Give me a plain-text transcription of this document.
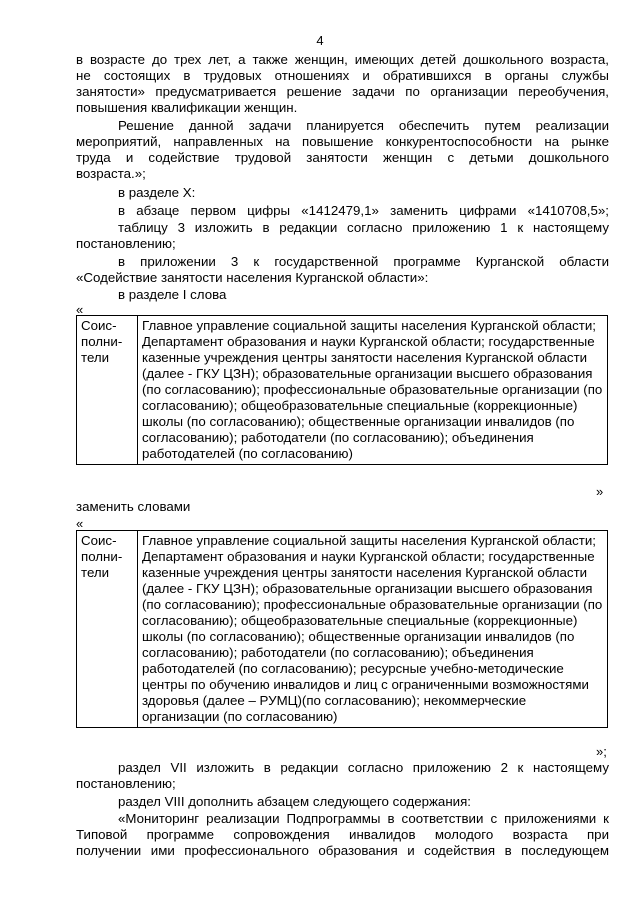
4
в возрасте до трех лет, а также женщин, имеющих детей дошкольного возраста,
не состоящих в трудовых отношениях и обратившихся в органы службы
занятости» предусматривается решение задачи по организации переобучения,
повышения квалификации женщин.
Решение данной задачи планируется обеспечить путем реализации
мероприятий, направленных на повышение конкурентоспособности на рынке
труда и содействие трудовой занятости женщин с детьми дошкольного
возраста.»;
в разделе X:
в абзаце первом цифры «1412479,1» заменить цифрами «1410708,5»;
таблицу 3 изложить в редакции согласно приложению 1 к настоящему
постановлению;
в приложении 3 к государственной программе Курганской области
«Содействие занятости населения Курганской области»:
в разделе I слова
«
Соис-
полни-
тели	Главное управление социальной защиты населения Курганской области; Департамент образования и науки Курганской области; государственные казенные учреждения центры занятости населения Курганской области (далее - ГКУ ЦЗН); образовательные организации высшего образования (по согласованию); профессиональные образовательные организации (по согласованию); общеобразовательные специальные (коррекционные) школы (по согласованию); общественные организации инвалидов (по согласованию); работодатели (по согласованию); объединения работодателей (по согласованию)
»
заменить словами
«
Соис-
полни-
тели	Главное управление социальной защиты населения Курганской области; Департамент образования и науки Курганской области; государственные казенные учреждения центры занятости населения Курганской области (далее - ГКУ ЦЗН); образовательные организации высшего образования (по согласованию); профессиональные образовательные организации (по согласованию); общеобразовательные специальные (коррекционные) школы (по согласованию); общественные организации инвалидов (по согласованию); работодатели (по согласованию); объединения работодателей (по согласованию); ресурсные учебно-методические центры по обучению инвалидов и лиц с ограниченными возможностями здоровья (далее – РУМЦ)(по согласованию); некоммерческие организации (по согласованию)
»;
раздел VII изложить в редакции согласно приложению 2 к настоящему
постановлению;
раздел VIII дополнить абзацем следующего содержания:
«Мониторинг реализации Подпрограммы в соответствии с приложениями к
Типовой программе сопровождения инвалидов молодого возраста при
получении ими профессионального образования и содействия в последующем
